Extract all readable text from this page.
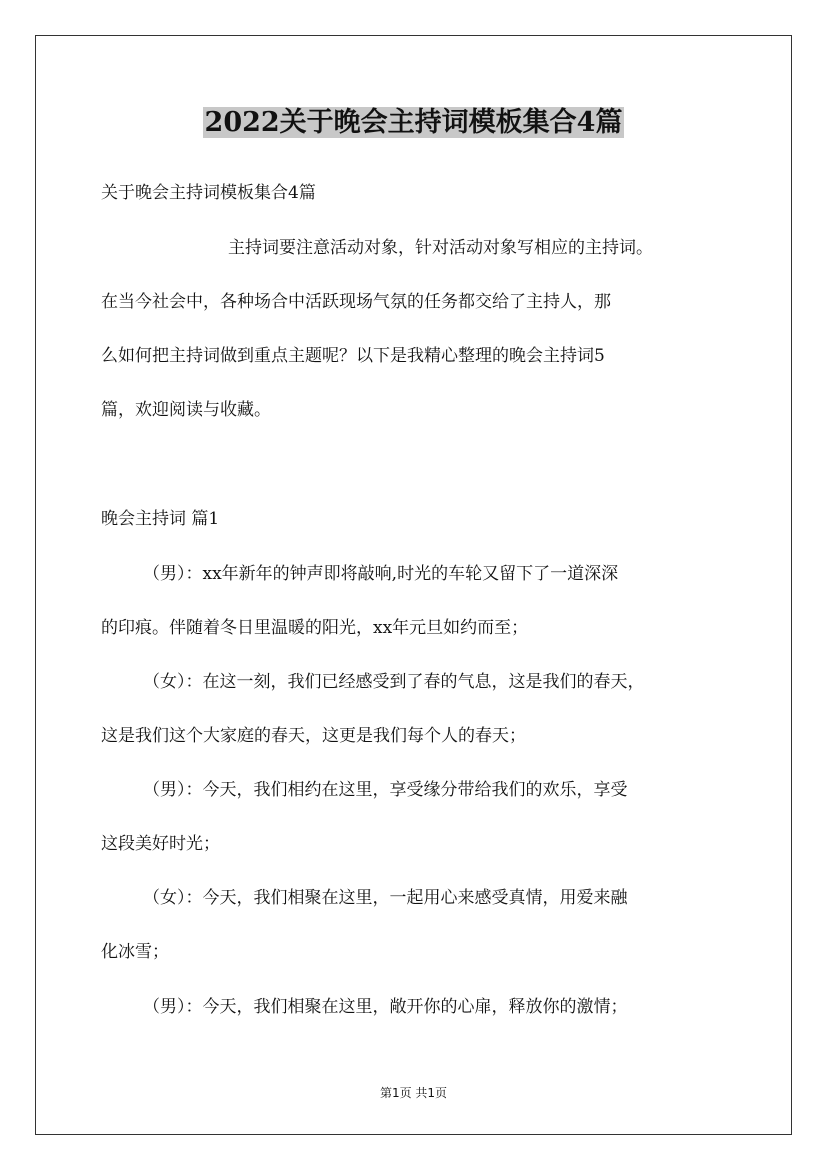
2022关于晚会主持词模板集合4篇

关于晚会主持词模板集合4篇

主持词要注意活动对象，针对活动对象写相应的主持词。

在当今社会中，各种场合中活跃现场气氛的任务都交给了主持人，那

么如何把主持词做到重点主题呢？以下是我精心整理的晚会主持词5

篇，欢迎阅读与收藏。

晚会主持词 篇1

（男）：xx年新年的钟声即将敲响,时光的车轮又留下了一道深深

的印痕。伴随着冬日里温暖的阳光，xx年元旦如约而至；

（女）：在这一刻，我们已经感受到了春的气息，这是我们的春天，

这是我们这个大家庭的春天，这更是我们每个人的春天；

（男）：今天，我们相约在这里，享受缘分带给我们的欢乐，享受

这段美好时光；

（女）：今天，我们相聚在这里，一起用心来感受真情，用爱来融

化冰雪；

（男）：今天，我们相聚在这里，敞开你的心扉，释放你的激情；

第1页 共1页
